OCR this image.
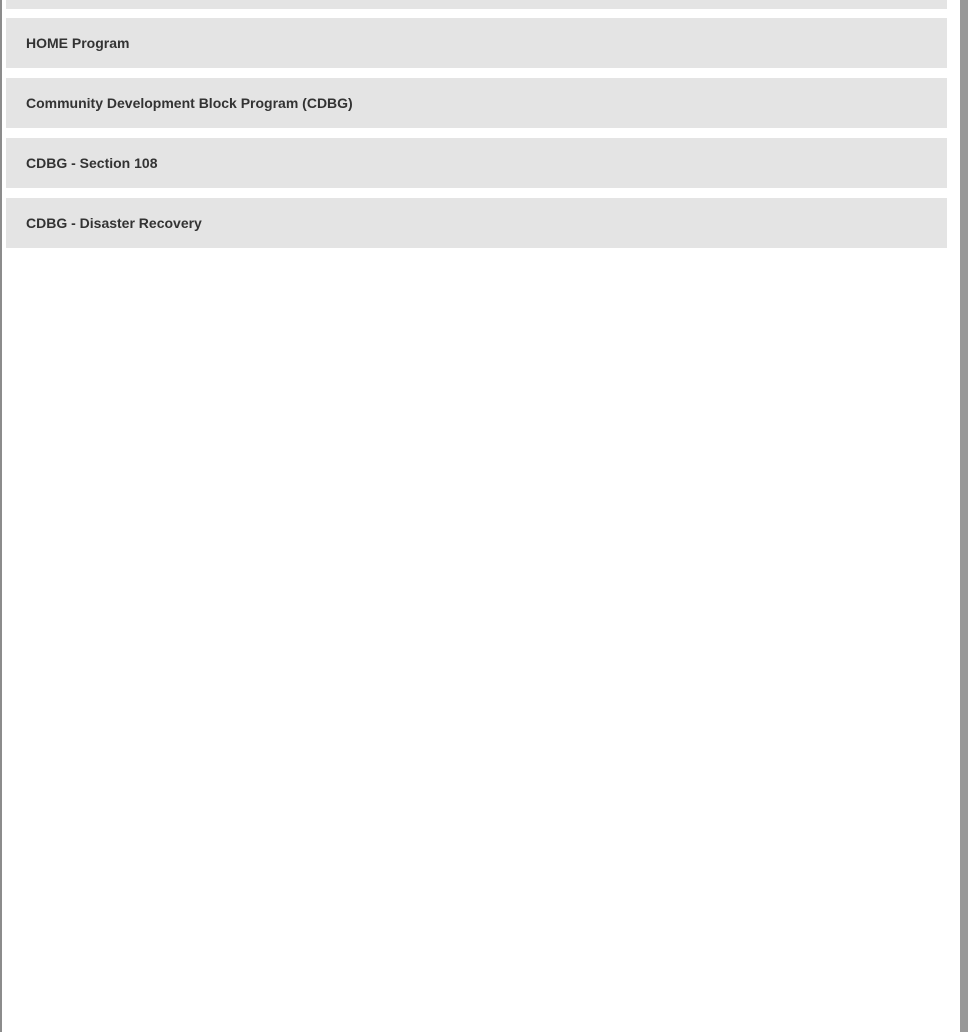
HOME Program
Community Development Block Program (CDBG)
CDBG - Section 108
CDBG - Disaster Recovery
